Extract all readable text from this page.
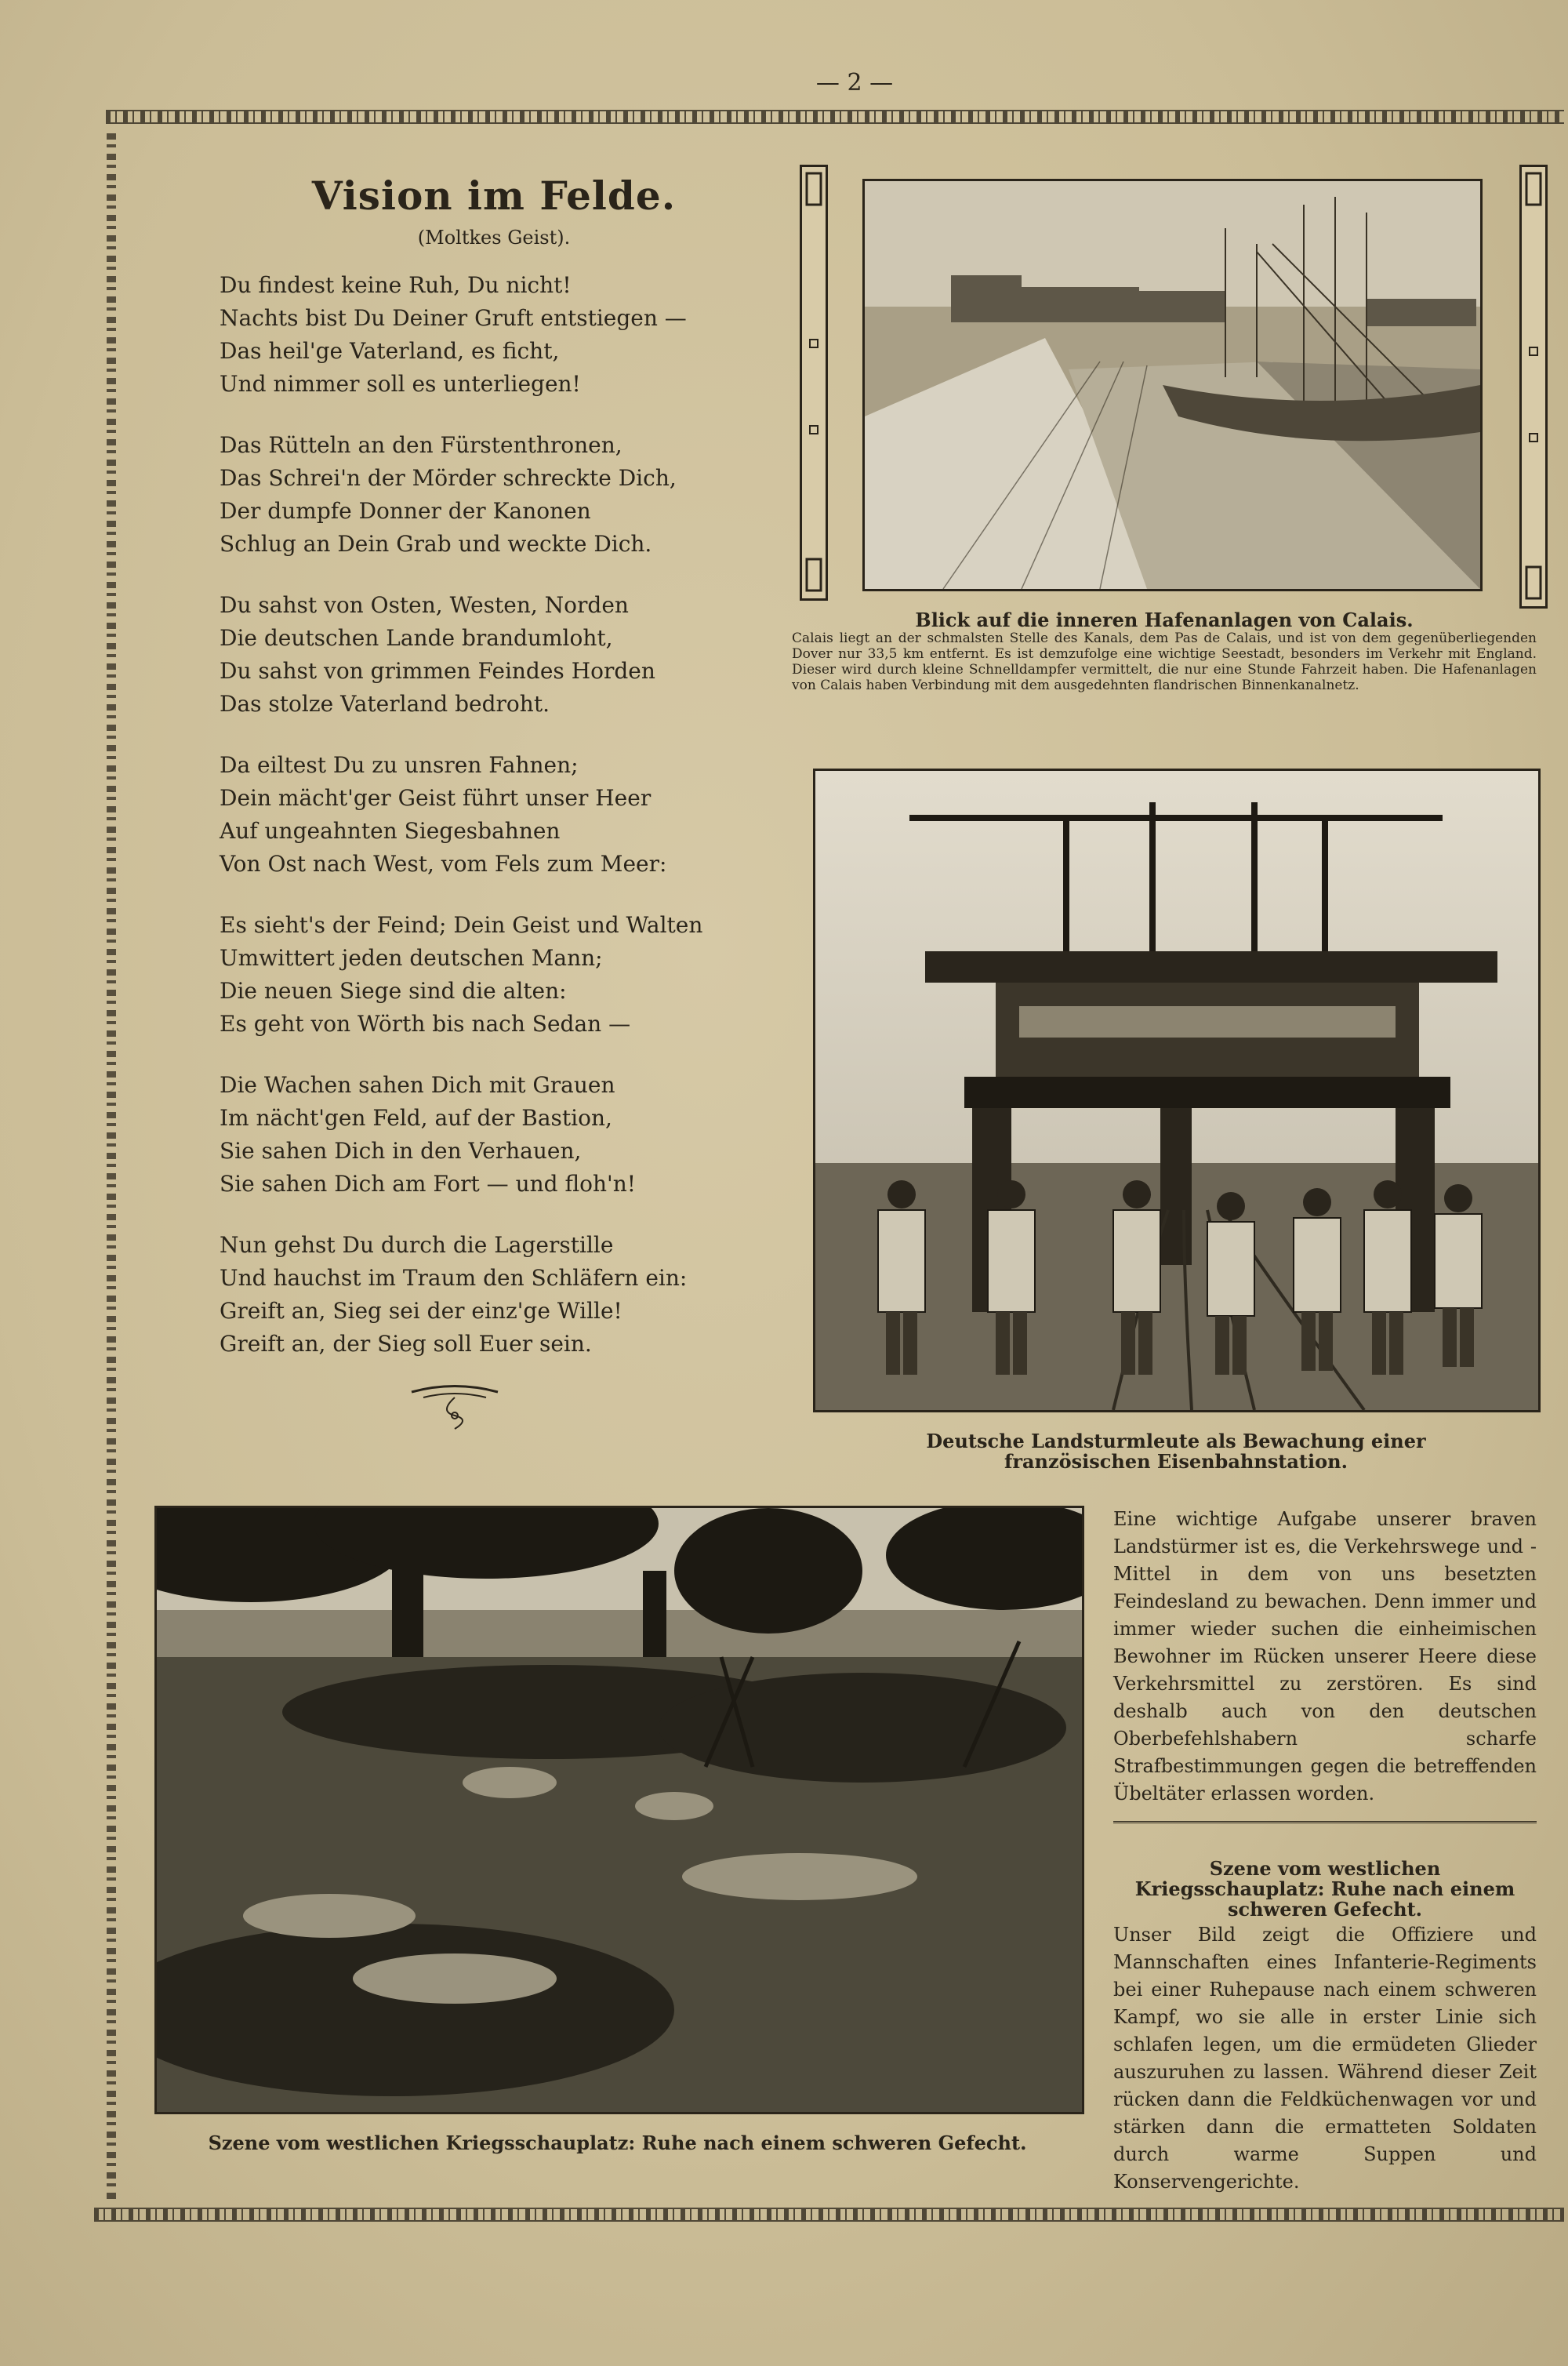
— 2 —
Vision im Felde.
(Moltkes Geist).
Du findest keine Ruh, Du nicht!
Nachts bist Du Deiner Gruft entstiegen —
Das heil'ge Vaterland, es ficht,
Und nimmer soll es unterliegen!
Das Rütteln an den Fürstenthronen,
Das Schrei'n der Mörder schreckte Dich,
Der dumpfe Donner der Kanonen
Schlug an Dein Grab und weckte Dich.
Du sahst von Osten, Westen, Norden
Die deutschen Lande brandumloht,
Du sahst von grimmen Feindes Horden
Das stolze Vaterland bedroht.
Da eiltest Du zu unsren Fahnen;
Dein mächt'ger Geist führt unser Heer
Auf ungeahnten Siegesbahnen
Von Ost nach West, vom Fels zum Meer:
Es sieht's der Feind; Dein Geist und Walten
Umwittert jeden deutschen Mann;
Die neuen Siege sind die alten:
Es geht von Wörth bis nach Sedan —
Die Wachen sahen Dich mit Grauen
Im nächt'gen Feld, auf der Bastion,
Sie sahen Dich in den Verhauen,
Sie sahen Dich am Fort — und floh'n!
Nun gehst Du durch die Lagerstille
Und hauchst im Traum den Schläfern ein:
Greift an, Sieg sei der einz'ge Wille!
Greift an, der Sieg soll Euer sein.
Blick auf die inneren Hafenanlagen von Calais.
Calais liegt an der schmalsten Stelle des Kanals, dem Pas de Calais, und ist von dem gegenüberliegenden Dover nur 33,5 km entfernt. Es ist demzufolge eine wichtige Seestadt, besonders im Verkehr mit England. Dieser wird durch kleine Schnelldampfer vermittelt, die nur eine Stunde Fahrzeit haben. Die Hafenanlagen von Calais haben Verbindung mit dem ausgedehnten flandrischen Binnenkanalnetz.
Deutsche Landsturmleute als Bewachung einer französischen Eisenbahnstation.
Eine wichtige Aufgabe unserer braven Landstürmer ist es, die Verkehrswege und -Mittel in dem von uns besetzten Feindesland zu bewachen. Denn immer und immer wieder suchen die einheimischen Bewohner im Rücken unserer Heere diese Verkehrsmittel zu zerstören. Es sind deshalb auch von den deutschen Oberbefehlshabern scharfe Strafbestimmungen gegen die betreffenden Übeltäter erlassen worden.
Szene vom westlichen Kriegsschauplatz: Ruhe nach einem schweren Gefecht.
Szene vom westlichen Kriegsschauplatz: Ruhe nach einem schweren Gefecht.
Unser Bild zeigt die Offiziere und Mannschaften eines Infanterie-Regiments bei einer Ruhepause nach einem schweren Kampf, wo sie alle in erster Linie sich schlafen legen, um die ermüdeten Glieder auszuruhen zu lassen. Während dieser Zeit rücken dann die Feldküchenwagen vor und stärken dann die ermatteten Soldaten durch warme Suppen und Konservengerichte.
